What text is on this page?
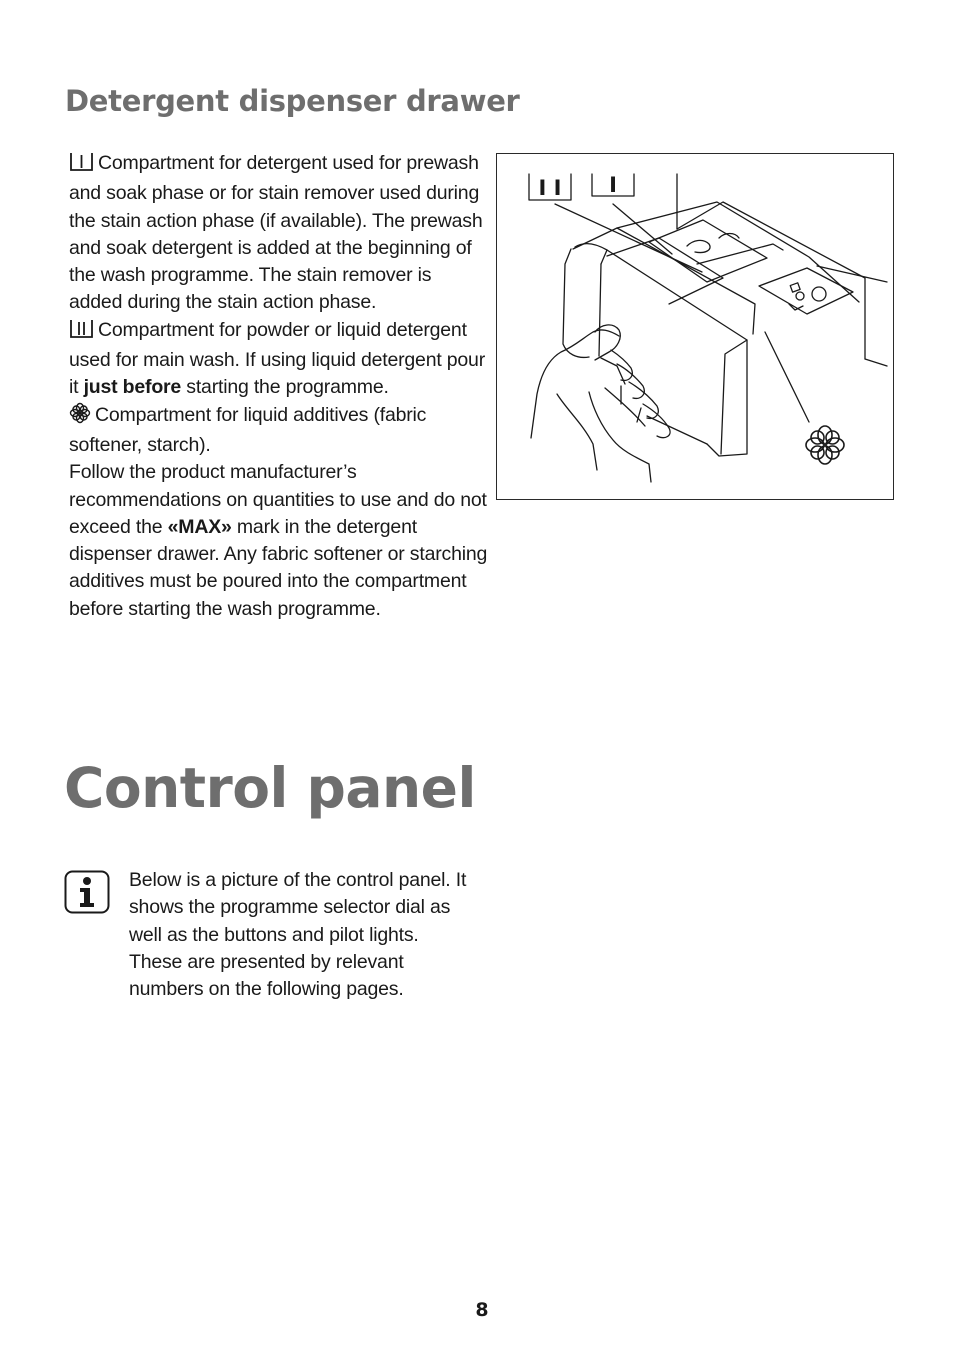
Detergent dispenser drawer

Compartment for detergent used for prewash and soak phase or for stain remover used during the stain action phase (if available). The prewash and soak detergent is added at the beginning of the wash programme. The stain remover is added during the stain action phase.

Compartment for powder or liquid detergent used for main wash. If using liquid detergent pour it just before starting the programme.

Compartment for liquid additives (fabric softener, starch).

Follow the product manufacturer’s recommendations on quantities to use and do not exceed the «MAX» mark in the detergent dispenser drawer. Any fabric softener or starching additives must be poured into the compartment before starting the wash programme.

I I I
Control panel

Below is a picture of the control panel. It shows the programme selector dial as well as the buttons and pilot lights. These are presented by relevant numbers on the following pages.

8
